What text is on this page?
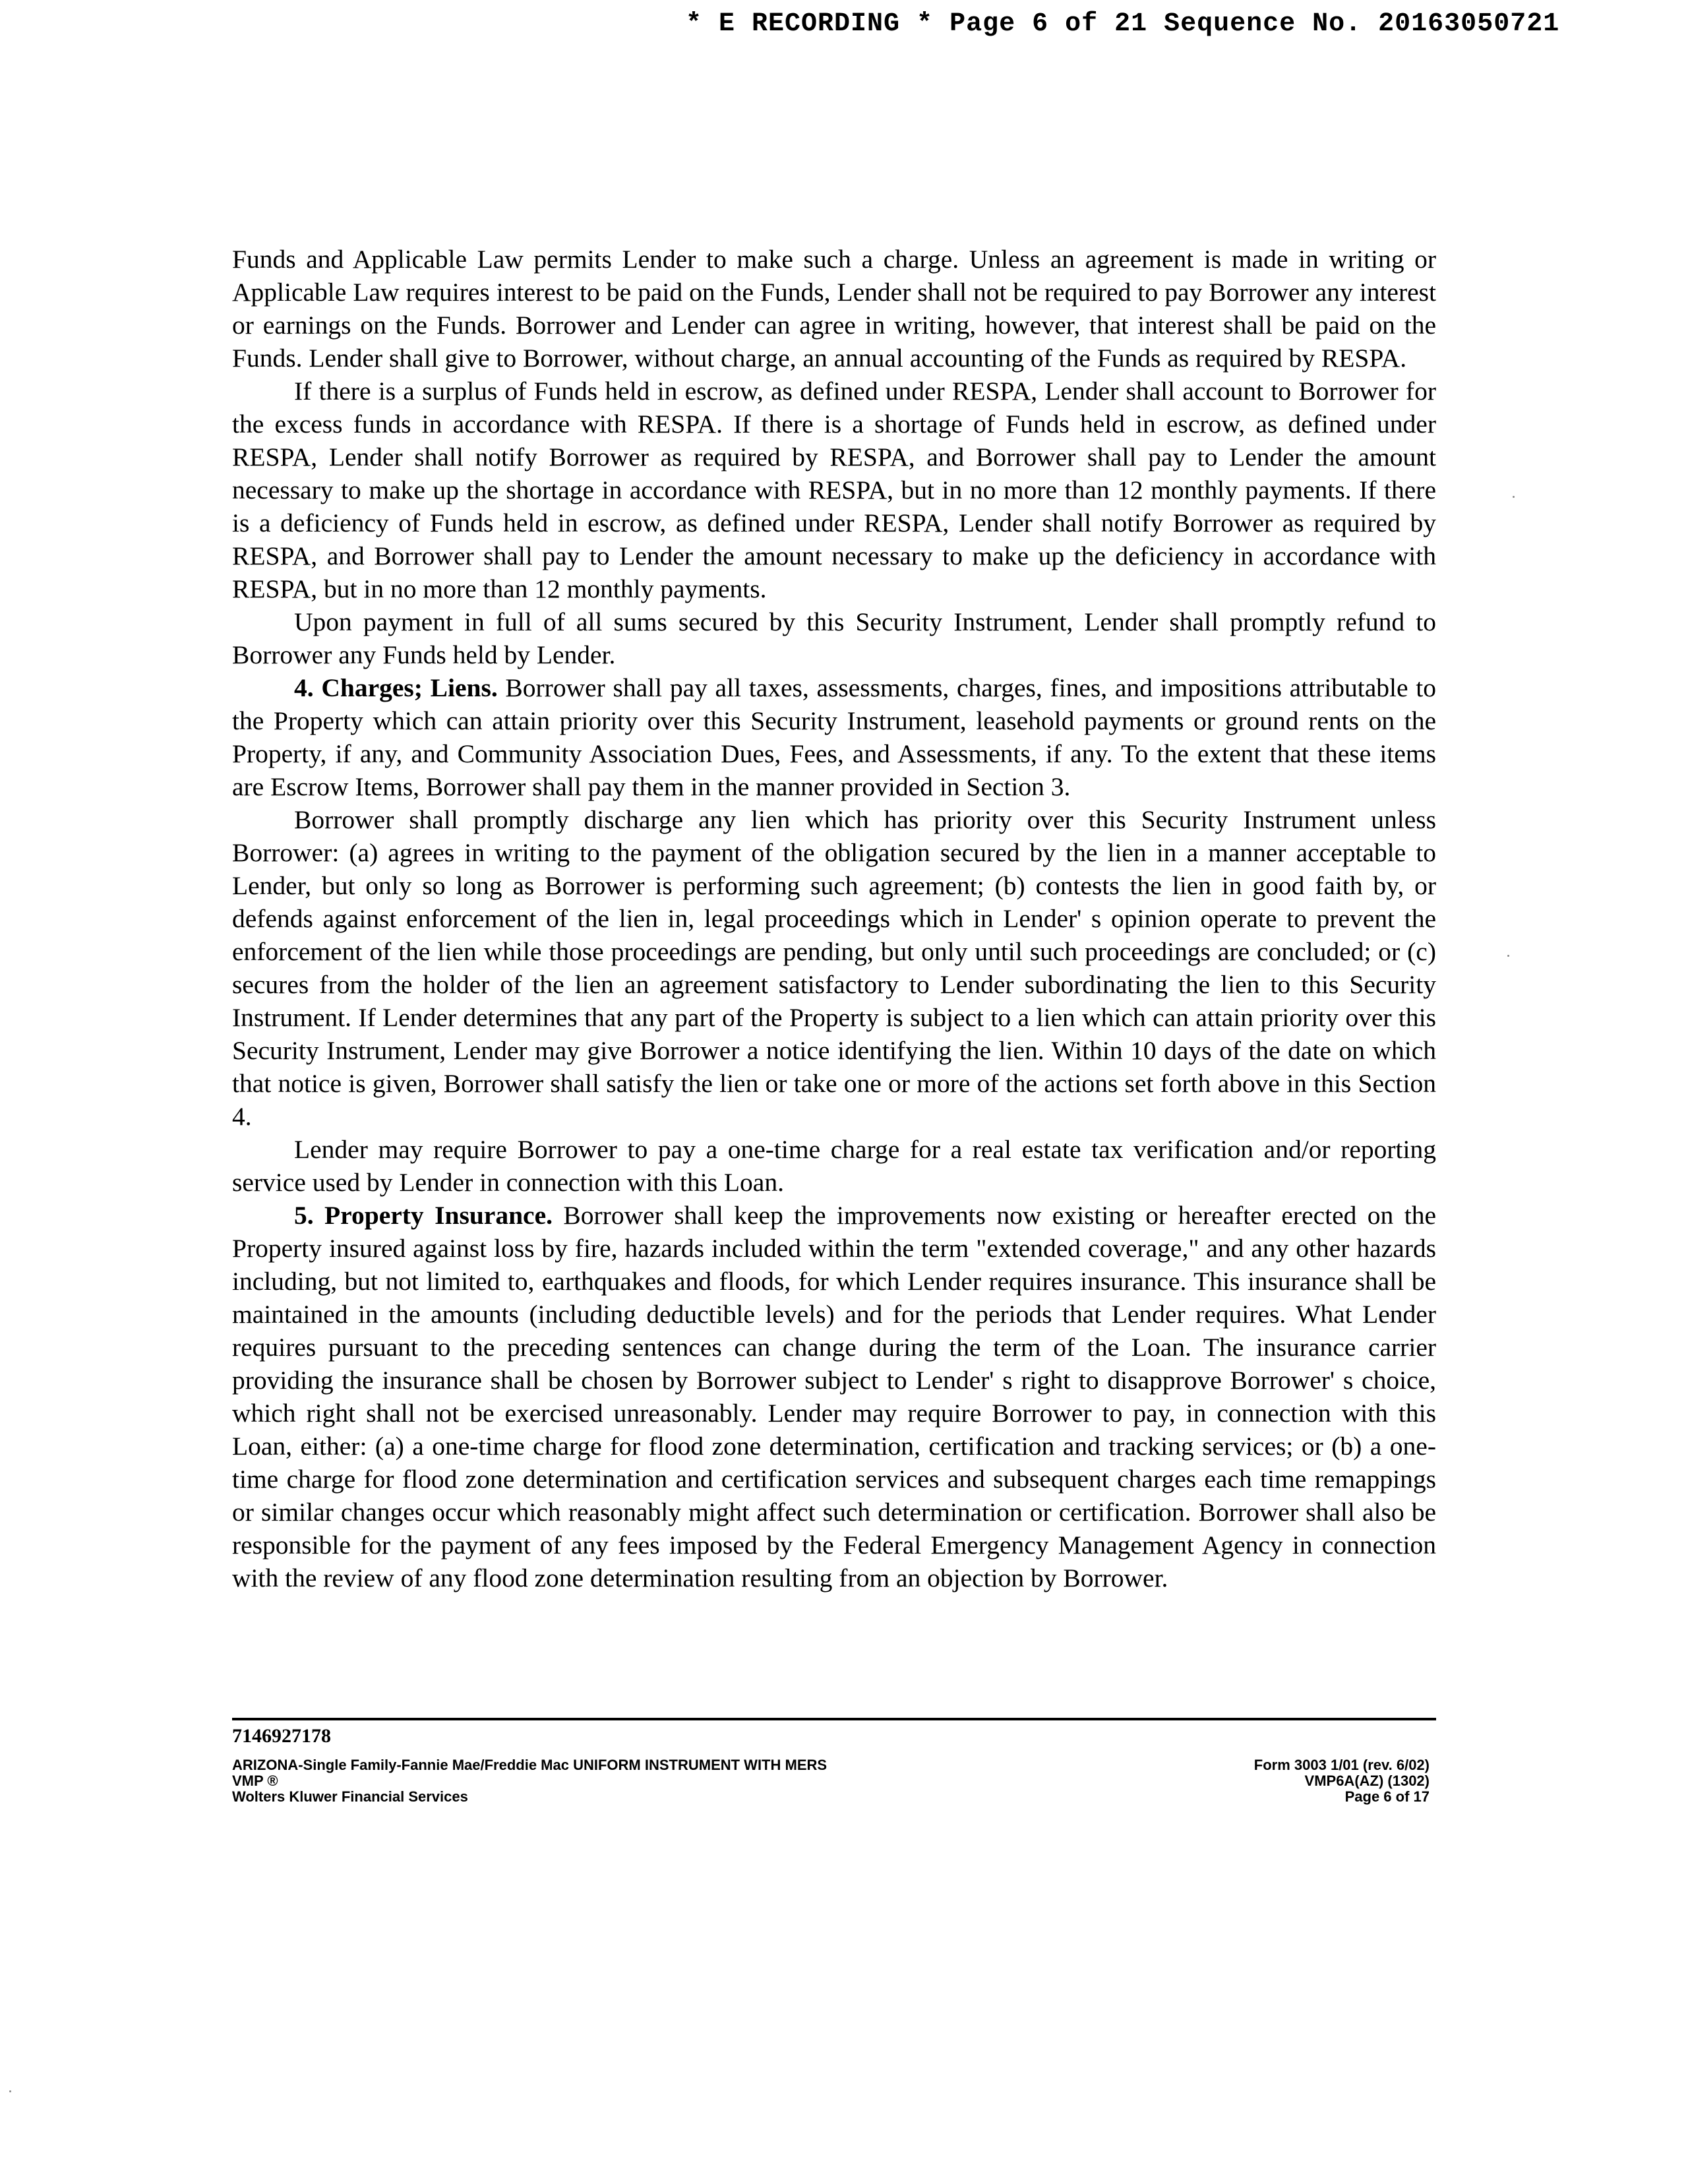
* E RECORDING * Page 6 of 21 Sequence No. 20163050721

Funds and Applicable Law permits Lender to make such a charge. Unless an agreement is made in writing or Applicable Law requires interest to be paid on the Funds, Lender shall not be required to pay Borrower any interest or earnings on the Funds. Borrower and Lender can agree in writing, however, that interest shall be paid on the Funds. Lender shall give to Borrower, without charge, an annual accounting of the Funds as required by RESPA.

If there is a surplus of Funds held in escrow, as defined under RESPA, Lender shall account to Borrower for the excess funds in accordance with RESPA. If there is a shortage of Funds held in escrow, as defined under RESPA, Lender shall notify Borrower as required by RESPA, and Borrower shall pay to Lender the amount necessary to make up the shortage in accordance with RESPA, but in no more than 12 monthly payments. If there is a deficiency of Funds held in escrow, as defined under RESPA, Lender shall notify Borrower as required by RESPA, and Borrower shall pay to Lender the amount necessary to make up the deficiency in accordance with RESPA, but in no more than 12 monthly payments.

Upon payment in full of all sums secured by this Security Instrument, Lender shall promptly refund to Borrower any Funds held by Lender.

4. Charges; Liens. Borrower shall pay all taxes, assessments, charges, fines, and impositions attributable to the Property which can attain priority over this Security Instrument, leasehold payments or ground rents on the Property, if any, and Community Association Dues, Fees, and Assessments, if any. To the extent that these items are Escrow Items, Borrower shall pay them in the manner provided in Section 3.

Borrower shall promptly discharge any lien which has priority over this Security Instrument unless Borrower: (a) agrees in writing to the payment of the obligation secured by the lien in a manner acceptable to Lender, but only so long as Borrower is performing such agreement; (b) contests the lien in good faith by, or defends against enforcement of the lien in, legal proceedings which in Lender' s opinion operate to prevent the enforcement of the lien while those proceedings are pending, but only until such proceedings are concluded; or (c) secures from the holder of the lien an agreement satisfactory to Lender subordinating the lien to this Security Instrument. If Lender determines that any part of the Property is subject to a lien which can attain priority over this Security Instrument, Lender may give Borrower a notice identifying the lien. Within 10 days of the date on which that notice is given, Borrower shall satisfy the lien or take one or more of the actions set forth above in this Section 4.

Lender may require Borrower to pay a one-time charge for a real estate tax verification and/or reporting service used by Lender in connection with this Loan.

5. Property Insurance. Borrower shall keep the improvements now existing or hereafter erected on the Property insured against loss by fire, hazards included within the term "extended coverage," and any other hazards including, but not limited to, earthquakes and floods, for which Lender requires insurance. This insurance shall be maintained in the amounts (including deductible levels) and for the periods that Lender requires. What Lender requires pursuant to the preceding sentences can change during the term of the Loan. The insurance carrier providing the insurance shall be chosen by Borrower subject to Lender' s right to disapprove Borrower' s choice, which right shall not be exercised unreasonably. Lender may require Borrower to pay, in connection with this Loan, either: (a) a one-time charge for flood zone determination, certification and tracking services; or (b) a one-time charge for flood zone determination and certification services and subsequent charges each time remappings or similar changes occur which reasonably might affect such determination or certification. Borrower shall also be responsible for the payment of any fees imposed by the Federal Emergency Management Agency in connection with the review of any flood zone determination resulting from an objection by Borrower.

7146927178
ARIZONA-Single Family-Fannie Mae/Freddie Mac UNIFORM INSTRUMENT WITH MERS
VMP ®
Wolters Kluwer Financial Services
Form 3003 1/01 (rev. 6/02)
VMP6A(AZ) (1302)
Page 6 of 17
